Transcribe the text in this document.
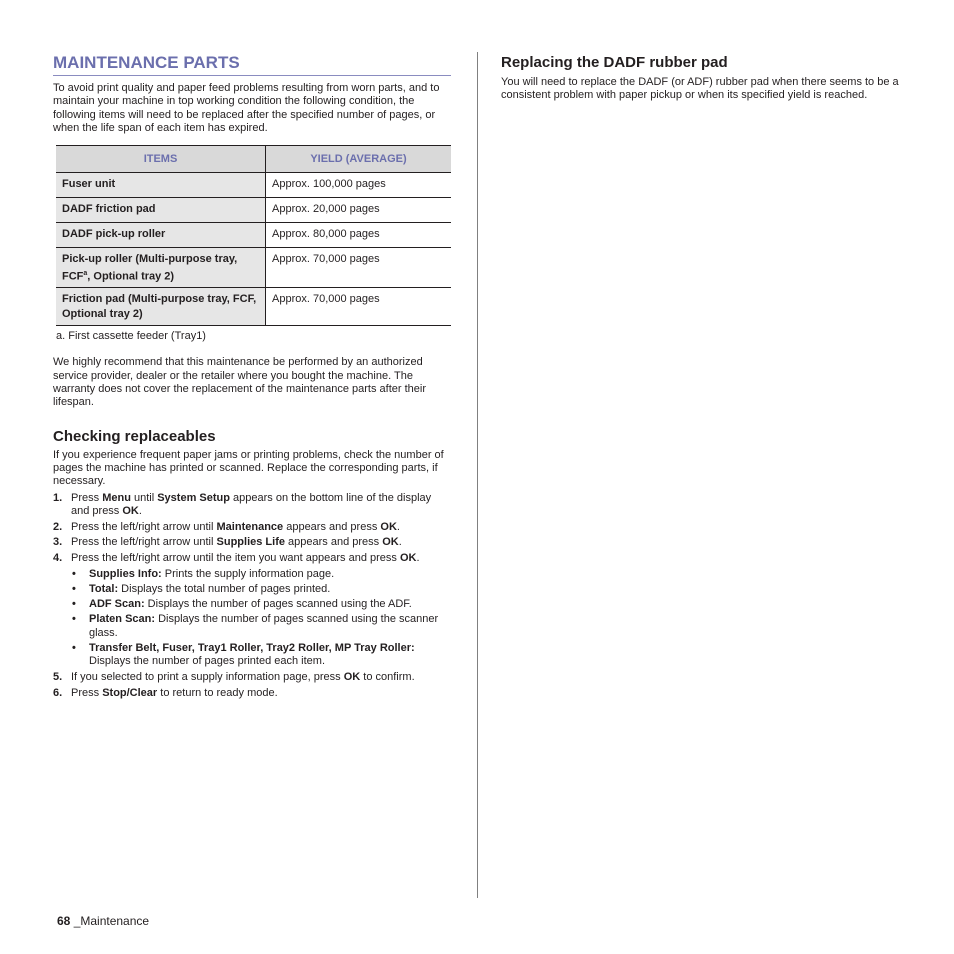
MAINTENANCE PARTS

To avoid print quality and paper feed problems resulting from worn parts, and to maintain your machine in top working condition the following condition, the following items will need to be replaced after the specified number of pages, or when the life span of each item has expired.

ITEMS	YIELD (AVERAGE)
Fuser unit	Approx. 100,000 pages
DADF friction pad	Approx. 20,000 pages
DADF pick-up roller	Approx. 80,000 pages
Pick-up roller (Multi-purpose tray, FCF$^a$, Optional tray 2)	Approx. 70,000 pages
Friction pad (Multi-purpose tray, FCF, Optional tray 2)	Approx. 70,000 pages

a. First cassette feeder (Tray1)

We highly recommend that this maintenance be performed by an authorized service provider, dealer or the retailer where you bought the machine. The warranty does not cover the replacement of the maintenance parts after their lifespan.

Checking replaceables

If you experience frequent paper jams or printing problems, check the number of pages the machine has printed or scanned. Replace the corresponding parts, if necessary.

1. Press Menu until System Setup appears on the bottom line of the display and press OK.
2. Press the left/right arrow until Maintenance appears and press OK.
3. Press the left/right arrow until Supplies Life appears and press OK.
4. Press the left/right arrow until the item you want appears and press OK.
• Supplies Info: Prints the supply information page.
• Total: Displays the total number of pages printed.
• ADF Scan: Displays the number of pages scanned using the ADF.
• Platen Scan: Displays the number of pages scanned using the scanner glass.
• Transfer Belt, Fuser, Tray1 Roller, Tray2 Roller, MP Tray Roller: Displays the number of pages printed each item.
5. If you selected to print a supply information page, press OK to confirm.
6. Press Stop/Clear to return to ready mode.
Replacing the DADF rubber pad

You will need to replace the DADF (or ADF) rubber pad when there seems to be a consistent problem with paper pickup or when its specified yield is reached.

68 _Maintenance
